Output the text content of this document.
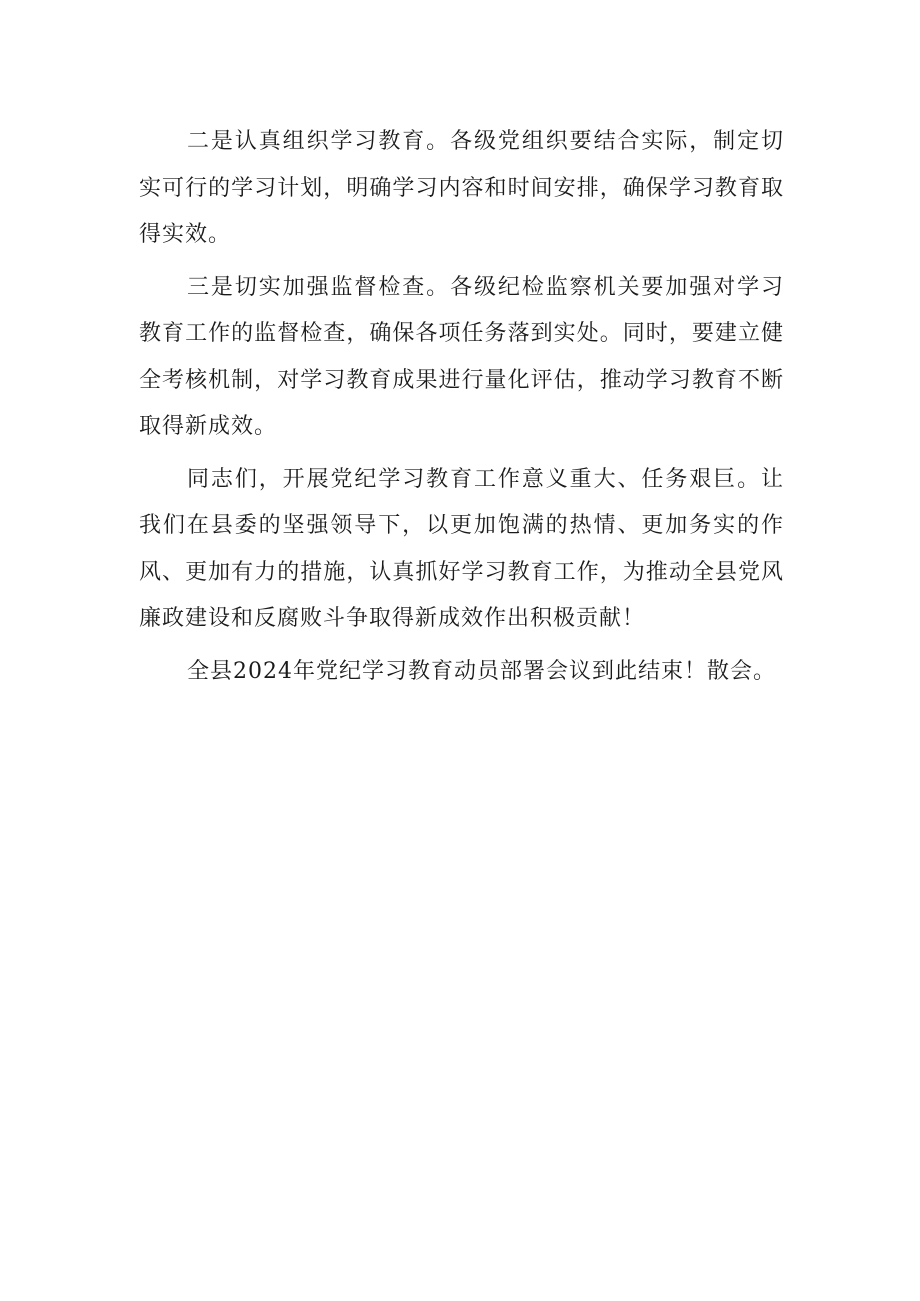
二是认真组织学习教育。各级党组织要结合实际，制定切实可行的学习计划，明确学习内容和时间安排，确保学习教育取得实效。

三是切实加强监督检查。各级纪检监察机关要加强对学习教育工作的监督检查，确保各项任务落到实处。同时，要建立健全考核机制，对学习教育成果进行量化评估，推动学习教育不断取得新成效。

同志们，开展党纪学习教育工作意义重大、任务艰巨。让我们在县委的坚强领导下，以更加饱满的热情、更加务实的作风、更加有力的措施，认真抓好学习教育工作，为推动全县党风廉政建设和反腐败斗争取得新成效作出积极贡献！

全县2024年党纪学习教育动员部署会议到此结束！散会。
